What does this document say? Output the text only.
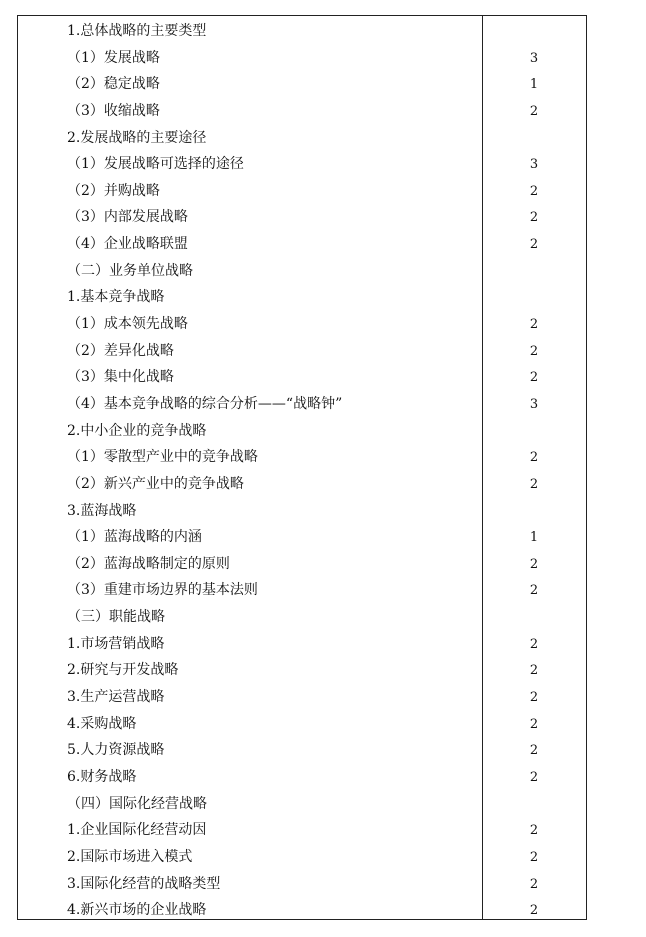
1.总体战略的主要类型
（1）发展战略	3
（2）稳定战略	1
（3）收缩战略	2
2.发展战略的主要途径
（1）发展战略可选择的途径	3
（2）并购战略	2
（3）内部发展战略	2
（4）企业战略联盟	2
（二）业务单位战略
1.基本竞争战略
（1）成本领先战略	2
（2）差异化战略	2
（3）集中化战略	2
（4）基本竞争战略的综合分析——“战略钟”	3
2.中小企业的竞争战略
（1）零散型产业中的竞争战略	2
（2）新兴产业中的竞争战略	2
3.蓝海战略
（1）蓝海战略的内涵	1
（2）蓝海战略制定的原则	2
（3）重建市场边界的基本法则	2
（三）职能战略
1.市场营销战略	2
2.研究与开发战略	2
3.生产运营战略	2
4.采购战略	2
5.人力资源战略	2
6.财务战略	2
（四）国际化经营战略
1.企业国际化经营动因	2
2.国际市场进入模式	2
3.国际化经营的战略类型	2
4.新兴市场的企业战略	2
